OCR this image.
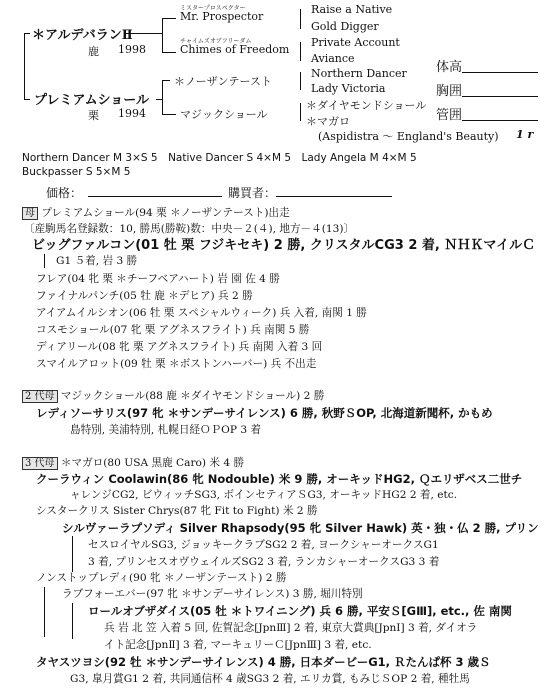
＊アルデバランⅡ
鹿 1998
ミスタープロスペクター
Mr. Prospector
チャイムズオブフリーダム
Chimes of Freedom
Raise a Native
Gold Digger
Private Account
Aviance
プレミアムショール
栗 1994
＊ノーザンテースト
マジックショール
Northern Dancer
Lady Victoria
＊ダイヤモンドショール
＊マガロ
(Aspidistra ～ England's Beauty) 1 r
体高
胸囲
管囲
Northern Dancer M 3×S 5　Native Dancer S 4×M 5　Lady Angela M 4×M 5
Buckpasser S 5×M 5
価格：	購買者：
母 プレミアムショール(94 栗 ＊ノーザンテースト)出走
〔産駒馬名登録数：10, 勝馬(勝鞍)数：中央－２(４), 地方－４(13)〕
ビッグファルコン(01 牡 栗 フジキセキ) 2 勝, クリスタルCG3 2 着, ＮＨＫマイルＣ
G1 ５着, 岩 3 勝
フレア(04 牝 栗 ＊チーフベアハート) 岩 園 佐 4 勝
ファイナルパンチ(05 牡 鹿 ＊デヒア) 兵 2 勝
アイアムイルシオン(06 牡 栗 スペシャルウィーク) 兵 入着, 南関 1 勝
コスモショール(07 牝 栗 アグネスフライト) 兵 南関 5 勝
ディアリール(08 牝 栗 アグネスフライト) 兵 南関 入着 3 回
スマイルアロット(09 牡 栗 ＊ボストンハーバー) 兵 不出走
2 代母 マジックショール(88 鹿 ＊ダイヤモンドショール) 2 勝
レディソーサリス(97 牝 ＊サンデーサイレンス) 6 勝, 秋野ＳOP, 北海道新聞杯, かもめ
島特別, 美浦特別, 札幌日経ＯＰOP 3 着
3 代母 ＊マガロ(80 USA 黒鹿 Caro) 米 4 勝
クーラウィン Coolawin(86 牝 Nodouble) 米 9 勝, オーキッドHG2, Ｑエリザベス二世チ
ャレンジCG2, ビウィッチSG3, ボインセティアＳG3, オーキッドHG2 2 着, etc.
シスタークリス Sister Chrys(87 牝 Fit to Fight) 米 2 勝
シルヴァーラプソディ Silver Rhapsody(95 牝 Silver Hawk) 英・独・仏 2 勝, プリン
セスロイヤルSG3, ジョッキークラブSG2 2 着, ヨークシャーオークスG1
3 着, プリンセスオヴウェイルズSG2 3 着, ランカシャーオークスG3 3 着
ノンストップレディ(90 牝 ＊ノーザンテースト) 2 勝
ラブフォーエバー(97 牝 ＊サンデーサイレンス) 3 勝, 堀川特別
ロールオブザダイス(05 牡 ＊トワイニング) 兵 6 勝, 平安Ｓ[GⅢ], etc., 佐 南関
兵 岩 北 笠 入着 5 回, 佐賀記念[JpnⅢ] 2 着, 東京大賞典[JpnⅠ] 3 着, ダイオラ
イト記念[JpnⅡ] 3 着, マーキュリーＣ[JpnⅢ] 3 着, etc.
タヤスツヨシ(92 牡 ＊サンデーサイレンス) 4 勝, 日本ダービーG1, Ｒたんぱ杯 3 歳Ｓ
G3, 皐月賞G1 2 着, 共同通信杯 4 歳SG3 2 着, エリカ賞, もみじＳOP 2 着, 種牡馬
